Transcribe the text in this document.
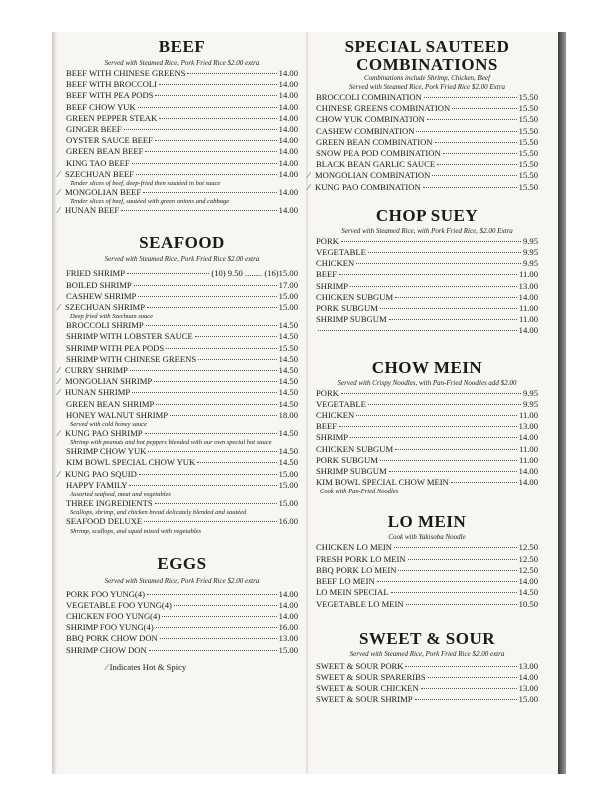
BEEF

Served with Steamed Rice, Pork Fried Rice $2.00 extra

BEEF WITH CHINESE GREENS	14.00
BEEF WITH BROCCOLI	14.00
BEEF WITH PEA PODS	14.00
BEEF CHOW YUK	14.00
GREEN PEPPER STEAK	14.00
GINGER BEEF	14.00
OYSTER SAUCE BEEF	14.00
GREEN BEAN BEEF	14.00
KING TAO BEEF	14.00
∕ SZECHUAN BEEF	14.00
Tender slices of beef, deep-fried then sautéed in hot sauce
∕ MONGOLIAN BEEF	14.00
Tender slices of beef, sautéed with green onions and cabbage
∕ HUNAN BEEF	14.00
SEAFOOD

Served with Steamed Rice, Pork Fried Rice $2.00 extra

FRIED SHRIMP	(10) 9.50 ........ (16)15.00
BOILED SHRIMP	17.00
CASHEW SHRIMP	15.00
∕ SZECHUAN SHRIMP	15.00
Deep fried with Szechuan sauce
BROCCOLI SHRIMP	14.50
SHRIMP WITH LOBSTER SAUCE	14.50
SHRIMP WITH PEA PODS	15.50
SHRIMP WITH CHINESE GREENS	14.50
∕ CURRY SHRIMP	14.50
∕ MONGOLIAN SHRIMP	14.50
∕ HUNAN SHRIMP	14.50
GREEN BEAN SHRIMP	14.50
HONEY WALNUT SHRIMP	18.00
Served with cold honey sauce
∕ KUNG PAO SHRIMP	14.50
Shrimp with peanuts and hot peppers blended with our own special hot sauce
SHRIMP CHOW YUK	14.50
KIM BOWL SPECIAL CHOW YUK	14.50
∕ KUNG PAO SQUID	15.00
HAPPY FAMILY	15.00
Assorted seafood, meat and vegetables
THREE INGREDIENTS	15.00
Scallops, shrimp, and chicken bread delicately blended and sautéed
SEAFOOD DELUXE	16.00
Shrimp, scallops, and squid mixed with vegetables
EGGS

Served with Steamed Rice, Pork Fried Rice $2.00 extra

PORK FOO YUNG(4)	14.00
VEGETABLE FOO YUNG(4)	14.00
CHICKEN FOO YUNG(4)	14.00
SHRIMP FOO YUNG(4)	16.00
BBQ PORK CHOW DON	13.00
SHRIMP CHOW DON	15.00
∕ Indicates Hot & Spicy
SPECIAL SAUTEED
COMBINATIONS

Combinations include Shrimp, Chicken, Beef

Served with Steamed Rice, Pork Fried Rice $2.00 Extra

BROCCOLI COMBINATION	15.50
CHINESE GREENS COMBINATION	15.50
CHOW YUK COMBINATION	15.50
CASHEW COMBINATION	15.50
GREEN BEAN COMBINATION	15.50
SNOW PEA POD COMBINATION	15.50
BLACK BEAN GARLIC SAUCE	15.50
∕ MONGOLIAN COMBINATION	15.50
∕ KUNG PAO COMBINATION	15.50
CHOP SUEY

Served with Steamed Rice, with Pork Fried Rice, $2.00 Extra

PORK	9.95
VEGETABLE	9.95
CHICKEN	9.95
BEEF	11.00
SHRIMP	13.00
CHICKEN SUBGUM	14.00
PORK SUBGUM	11.00
SHRIMP SUBGUM	11.00
14.00
CHOW MEIN

Served with Crispy Noodles, with Pan-Fried Noodles add $2.00

PORK	9.95
VEGETABLE	9.95
CHICKEN	11.00
BEEF	13.00
SHRIMP	14.00
CHICKEN SUBGUM	11.00
PORK SUBGUM	11.00
SHRIMP SUBGUM	14.00
KIM BOWL SPECIAL CHOW MEIN	14.00
Cook with Pan-Fried Noodles
LO MEIN

Cook with Yakisoba Noodle

CHICKEN LO MEIN	12.50
FRESH PORK LO MEIN	12.50
BBQ PORK LO MEIN	12.50
BEEF LO MEIN	14.00
LO MEIN SPECIAL	14.50
VEGETABLE LO MEIN	10.50
SWEET & SOUR

Served with Steamed Rice, Pork Fried Rice $2.00 extra

SWEET & SOUR PORK	13.00
SWEET & SOUR SPARERIBS	14.00
SWEET & SOUR CHICKEN	13.00
SWEET & SOUR SHRIMP	15.00
